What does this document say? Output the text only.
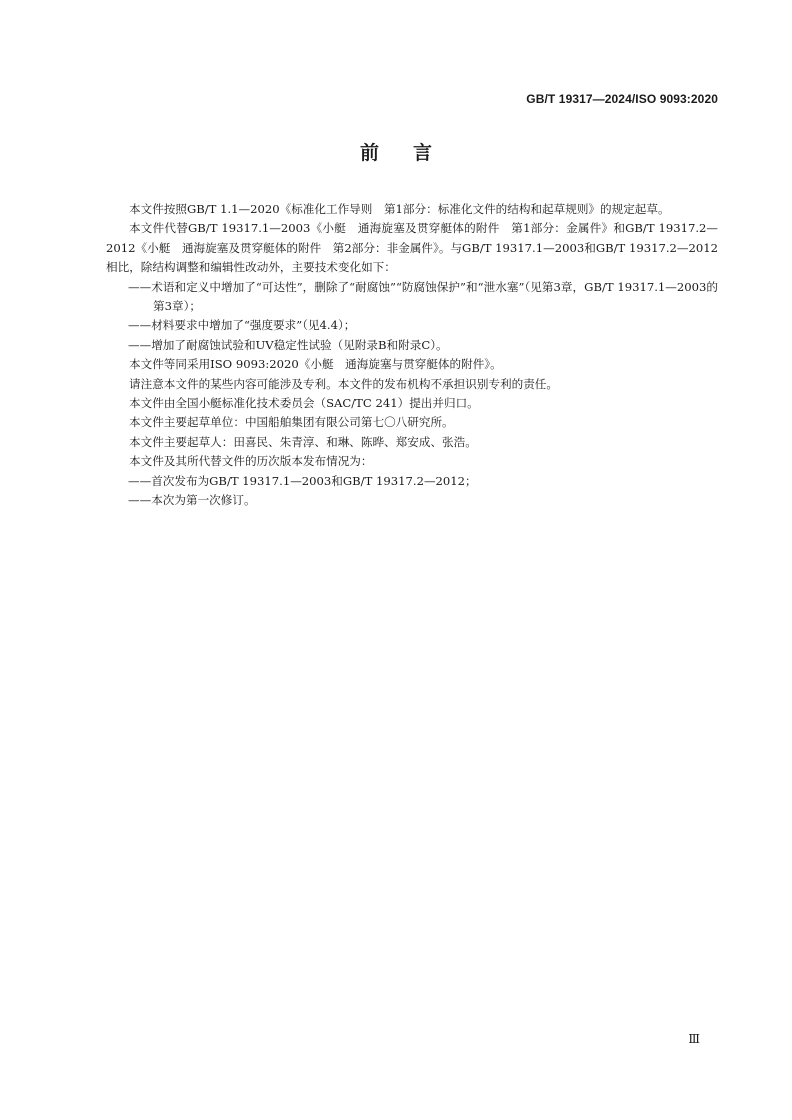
GB/T 19317—2024/ISO 9093:2020
前言

本文件按照GB/T 1.1—2020《标准化工作导则　第1部分：标准化文件的结构和起草规则》的规定起草。

本文件代替GB/T 19317.1—2003《小艇　通海旋塞及贯穿艇体的附件　第1部分：金属件》和GB/T 19317.2—2012《小艇　通海旋塞及贯穿艇体的附件　第2部分：非金属件》。与GB/T 19317.1—2003和GB/T 19317.2—2012相比，除结构调整和编辑性改动外，主要技术变化如下：

——术语和定义中增加了“可达性”，删除了“耐腐蚀”“防腐蚀保护”和“泄水塞”（见第3章，GB/T 19317.1—2003的第3章）；

——材料要求中增加了“强度要求”（见4.4）；

——增加了耐腐蚀试验和UV稳定性试验（见附录B和附录C）。

本文件等同采用ISO 9093:2020《小艇　通海旋塞与贯穿艇体的附件》。

请注意本文件的某些内容可能涉及专利。本文件的发布机构不承担识别专利的责任。

本文件由全国小艇标准化技术委员会（SAC/TC 241）提出并归口。

本文件主要起草单位：中国船舶集团有限公司第七〇八研究所。

本文件主要起草人：田喜民、朱青淳、和琳、陈晔、郑安成、张浩。

本文件及其所代替文件的历次版本发布情况为：

——首次发布为GB/T 19317.1—2003和GB/T 19317.2—2012；

——本次为第一次修订。

Ⅲ
